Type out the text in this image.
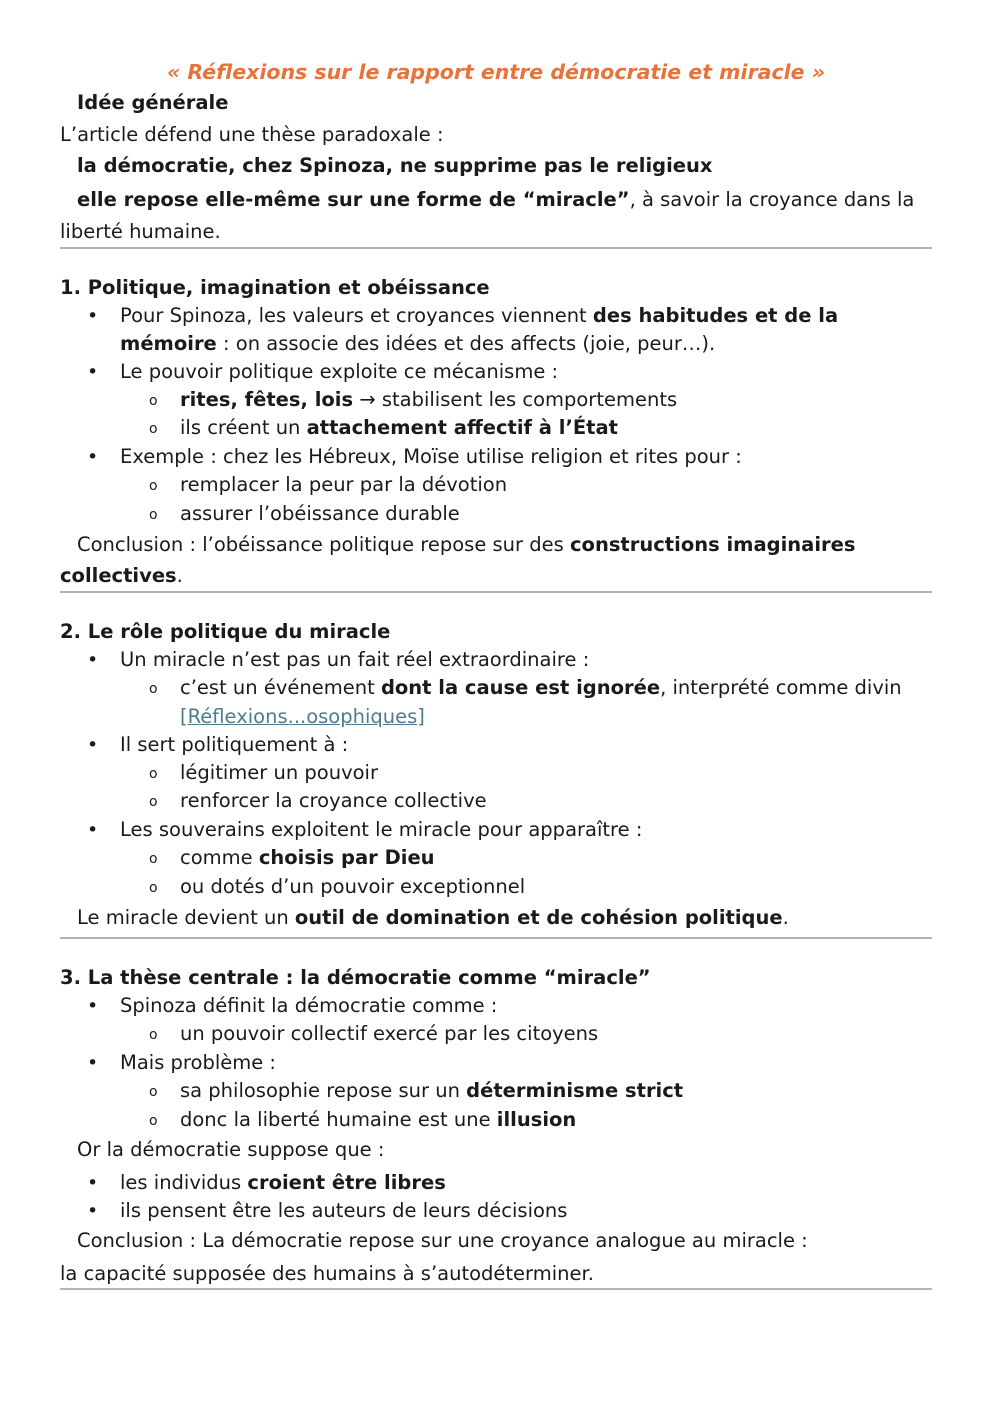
« Réflexions sur le rapport entre démocratie et miracle »
Idée générale
L’article défend une thèse paradoxale :
la démocratie, chez Spinoza, ne supprime pas le religieux
elle repose elle-même sur une forme de “miracle”, à savoir la croyance dans la
liberté humaine.
1. Politique, imagination et obéissance
• Pour Spinoza, les valeurs et croyances viennent des habitudes et de la
mémoire : on associe des idées et des affects (joie, peur…).
• Le pouvoir politique exploite ce mécanisme :
o rites, fêtes, lois → stabilisent les comportements
o ils créent un attachement affectif à l’État
• Exemple : chez les Hébreux, Moïse utilise religion et rites pour :
o remplacer la peur par la dévotion
o assurer l’obéissance durable
Conclusion : l’obéissance politique repose sur des constructions imaginaires
collectives.
2. Le rôle politique du miracle
• Un miracle n’est pas un fait réel extraordinaire :
o c’est un événement dont la cause est ignorée, interprété comme divin
[Réflexions...osophiques]
• Il sert politiquement à :
o légitimer un pouvoir
o renforcer la croyance collective
• Les souverains exploitent le miracle pour apparaître :
o comme choisis par Dieu
o ou dotés d’un pouvoir exceptionnel
Le miracle devient un outil de domination et de cohésion politique.
3. La thèse centrale : la démocratie comme “miracle”
• Spinoza définit la démocratie comme :
o un pouvoir collectif exercé par les citoyens
• Mais problème :
o sa philosophie repose sur un déterminisme strict
o donc la liberté humaine est une illusion
Or la démocratie suppose que :
• les individus croient être libres
• ils pensent être les auteurs de leurs décisions
Conclusion : La démocratie repose sur une croyance analogue au miracle :
la capacité supposée des humains à s’autodéterminer.
